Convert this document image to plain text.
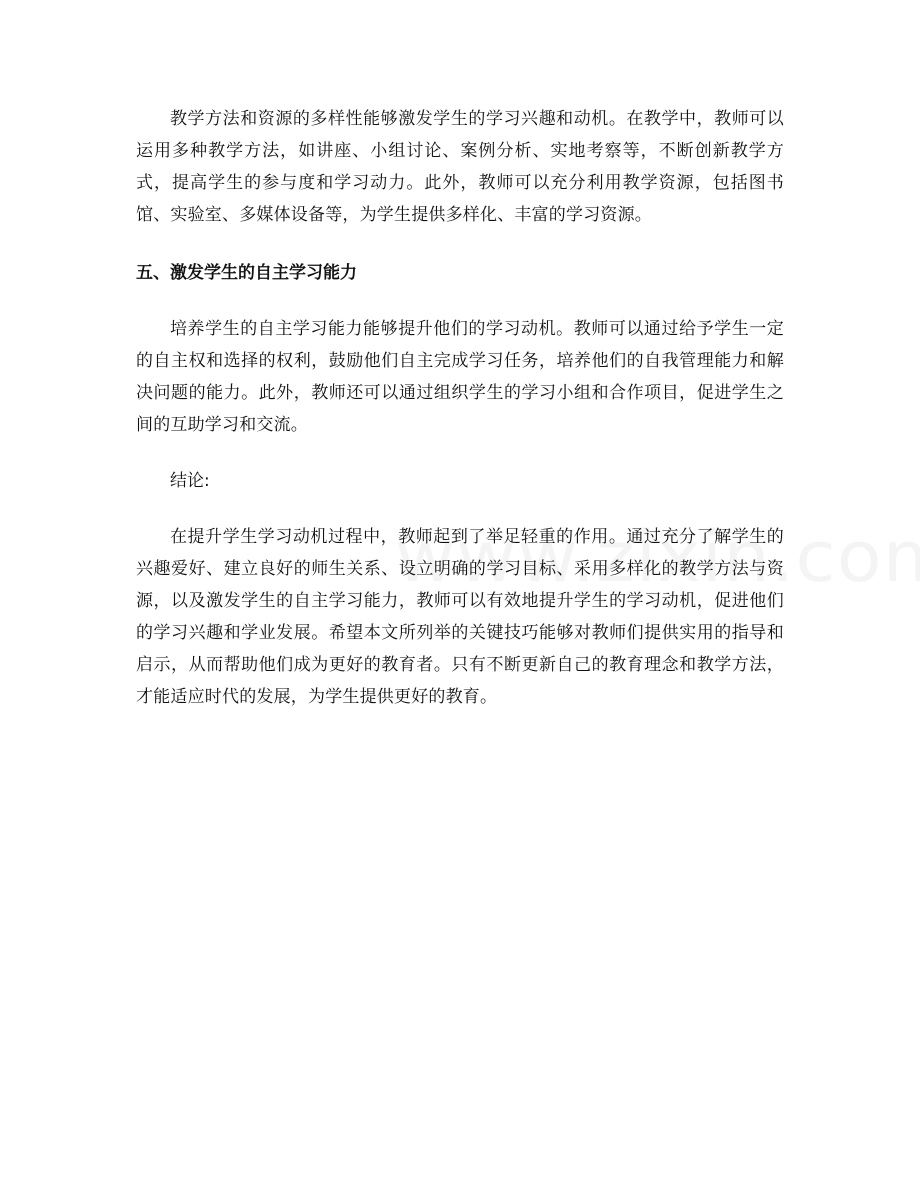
教学方法和资源的多样性能够激发学生的学习兴趣和动机。在教学中，教师可以运用多种教学方法，如讲座、小组讨论、案例分析、实地考察等，不断创新教学方式，提高学生的参与度和学习动力。此外，教师可以充分利用教学资源，包括图书馆、实验室、多媒体设备等，为学生提供多样化、丰富的学习资源。

五、激发学生的自主学习能力

培养学生的自主学习能力能够提升他们的学习动机。教师可以通过给予学生一定的自主权和选择的权利，鼓励他们自主完成学习任务，培养他们的自我管理能力和解决问题的能力。此外，教师还可以通过组织学生的学习小组和合作项目，促进学生之间的互助学习和交流。

结论:

在提升学生学习动机过程中，教师起到了举足轻重的作用。通过充分了解学生的兴趣爱好、建立良好的师生关系、设立明确的学习目标、采用多样化的教学方法与资源，以及激发学生的自主学习能力，教师可以有效地提升学生的学习动机，促进他们的学习兴趣和学业发展。希望本文所列举的关键技巧能够对教师们提供实用的指导和启示，从而帮助他们成为更好的教育者。只有不断更新自己的教育理念和教学方法，才能适应时代的发展，为学生提供更好的教育。
